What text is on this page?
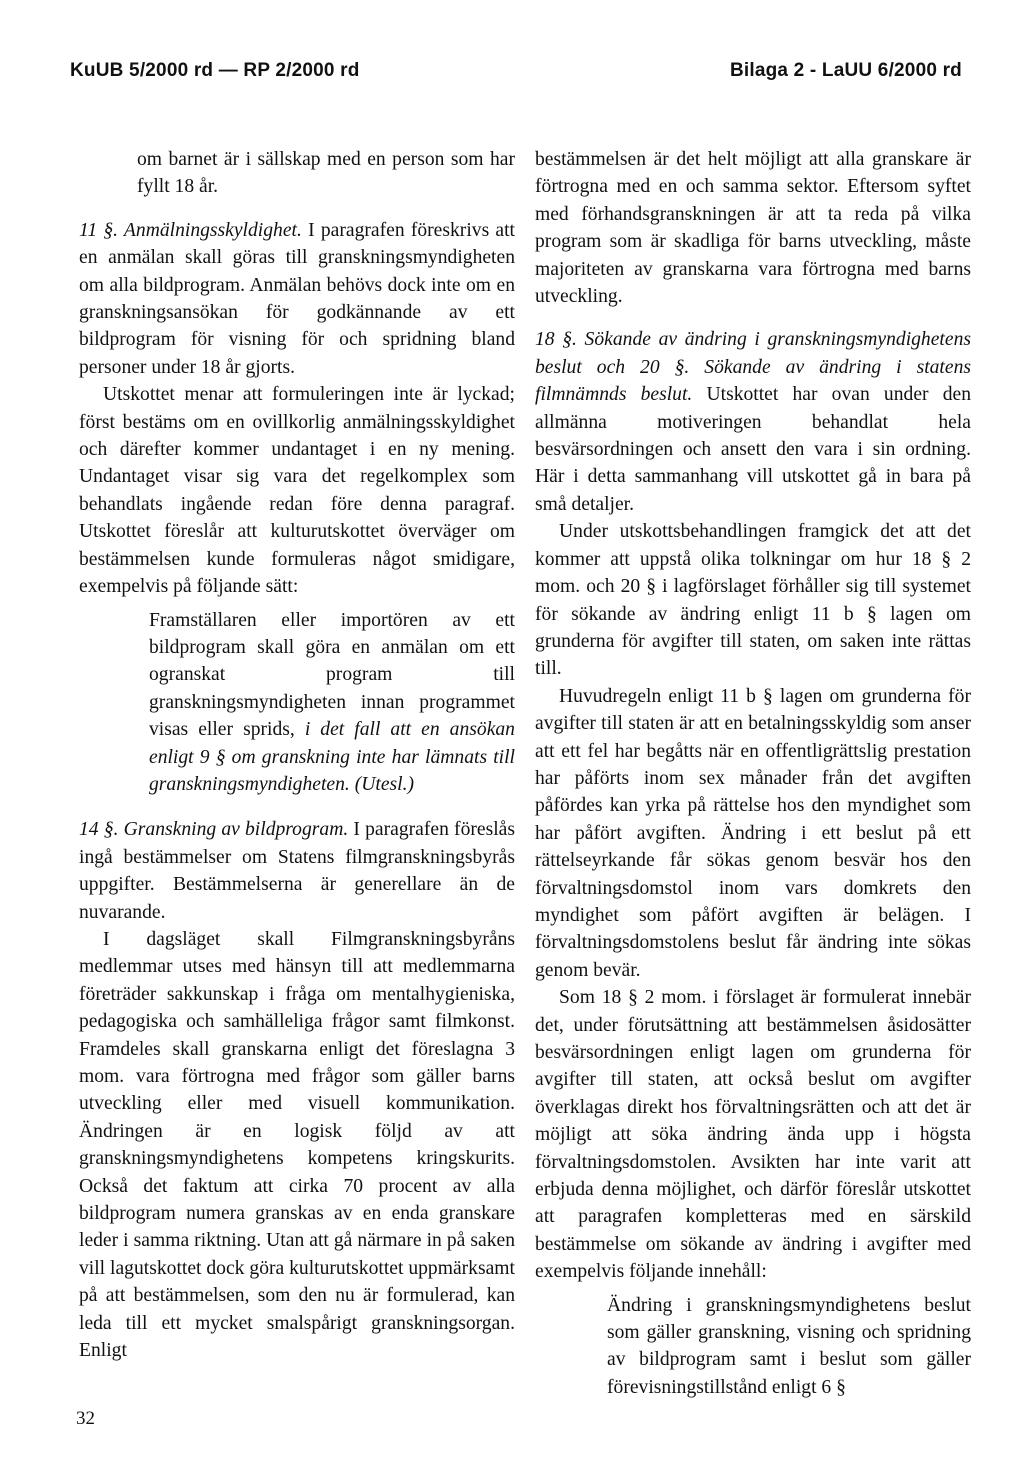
KuUB 5/2000 rd — RP 2/2000 rd	Bilaga 2 - LaUU 6/2000 rd

om barnet är i sällskap med en person som har fyllt 18 år.

11 §. Anmälningsskyldighet. I paragrafen föreskrivs att en anmälan skall göras till granskningsmyndigheten om alla bildprogram. Anmälan behövs dock inte om en granskningsansökan för godkännande av ett bildprogram för visning för och spridning bland personer under 18 år gjorts.

Utskottet menar att formuleringen inte är lyckad; först bestäms om en ovillkorlig anmälningsskyldighet och därefter kommer undantaget i en ny mening. Undantaget visar sig vara det regelkomplex som behandlats ingående redan före denna paragraf. Utskottet föreslår att kulturutskottet överväger om bestämmelsen kunde formuleras något smidigare, exempelvis på följande sätt:

Framställaren eller importören av ett bildprogram skall göra en anmälan om ett ogranskat program till granskningsmyndigheten innan programmet visas eller sprids, i det fall att en ansökan enligt 9 § om granskning inte har lämnats till granskningsmyndigheten. (Utesl.)

14 §. Granskning av bildprogram. I paragrafen föreslås ingå bestämmelser om Statens filmgranskningsbyrås uppgifter. Bestämmelserna är generellare än de nuvarande.

I dagsläget skall Filmgranskningsbyråns medlemmar utses med hänsyn till att medlemmarna företräder sakkunskap i fråga om mentalhygieniska, pedagogiska och samhälleliga frågor samt filmkonst. Framdeles skall granskarna enligt det föreslagna 3 mom. vara förtrogna med frågor som gäller barns utveckling eller med visuell kommunikation. Ändringen är en logisk följd av att granskningsmyndighetens kompetens kringskurits. Också det faktum att cirka 70 procent av alla bildprogram numera granskas av en enda granskare leder i samma riktning. Utan att gå närmare in på saken vill lagutskottet dock göra kulturutskottet uppmärksamt på att bestämmelsen, som den nu är formulerad, kan leda till ett mycket smalspårigt granskningsorgan. Enligt

bestämmelsen är det helt möjligt att alla granskare är förtrogna med en och samma sektor. Eftersom syftet med förhandsgranskningen är att ta reda på vilka program som är skadliga för barns utveckling, måste majoriteten av granskarna vara förtrogna med barns utveckling.

18 §. Sökande av ändring i granskningsmyndighetens beslut och 20 §. Sökande av ändring i statens filmnämnds beslut. Utskottet har ovan under den allmänna motiveringen behandlat hela besvärsordningen och ansett den vara i sin ordning. Här i detta sammanhang vill utskottet gå in bara på små detaljer.

Under utskottsbehandlingen framgick det att det kommer att uppstå olika tolkningar om hur 18 § 2 mom. och 20 § i lagförslaget förhåller sig till systemet för sökande av ändring enligt 11 b § lagen om grunderna för avgifter till staten, om saken inte rättas till.

Huvudregeln enligt 11 b § lagen om grunderna för avgifter till staten är att en betalningsskyldig som anser att ett fel har begåtts när en offentligrättslig prestation har påförts inom sex månader från det avgiften påfördes kan yrka på rättelse hos den myndighet som har påfört avgiften. Ändring i ett beslut på ett rättelseyrkande får sökas genom besvär hos den förvaltningsdomstol inom vars domkrets den myndighet som påfört avgiften är belägen. I förvaltningsdomstolens beslut får ändring inte sökas genom bevär.

Som 18 § 2 mom. i förslaget är formulerat innebär det, under förutsättning att bestämmelsen åsidosätter besvärsordningen enligt lagen om grunderna för avgifter till staten, att också beslut om avgifter överklagas direkt hos förvaltningsrätten och att det är möjligt att söka ändring ända upp i högsta förvaltningsdomstolen. Avsikten har inte varit att erbjuda denna möjlighet, och därför föreslår utskottet att paragrafen kompletteras med en särskild bestämmelse om sökande av ändring i avgifter med exempelvis följande innehåll:

Ändring i granskningsmyndighetens beslut som gäller granskning, visning och spridning av bildprogram samt i beslut som gäller förevisningstillstånd enligt 6 §

32
